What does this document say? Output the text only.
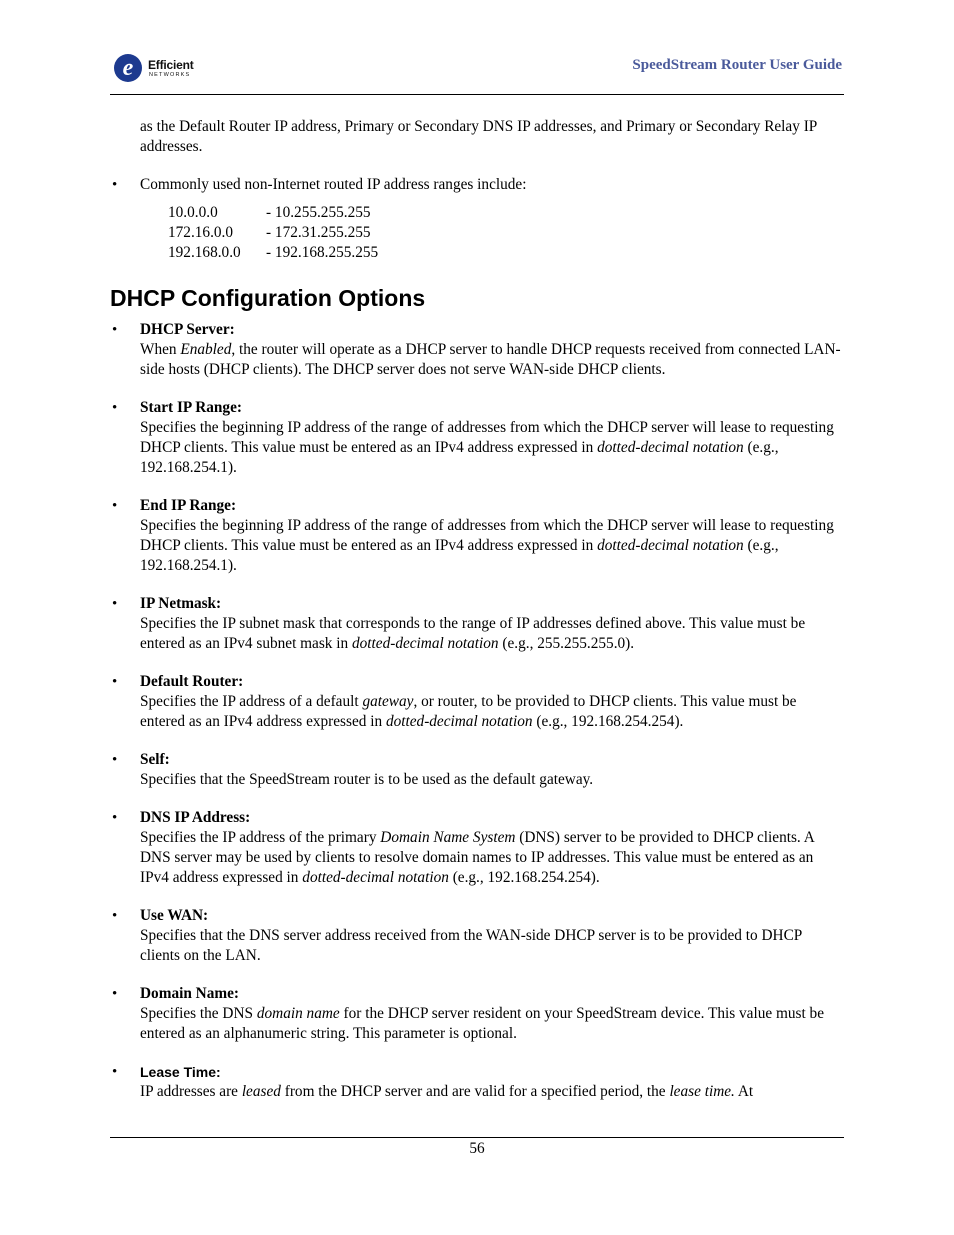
e	Efficient
NETWORKS
SpeedStream Router User Guide

as the Default Router IP address, Primary or Secondary DNS IP addresses, and Primary or Secondary Relay IP addresses.

• Commonly used non-Internet routed IP address ranges include:

10.0.0.0	- 10.255.255.255
172.16.0.0	- 172.31.255.255
192.168.0.0	- 192.168.255.255
DHCP Configuration Options
• DHCP Server:

When Enabled, the router will operate as a DHCP server to handle DHCP requests received from connected LAN-side hosts (DHCP clients). The DHCP server does not serve WAN-side DHCP clients.

• Start IP Range:

Specifies the beginning IP address of the range of addresses from which the DHCP server will lease to requesting DHCP clients. This value must be entered as an IPv4 address expressed in dotted-decimal notation (e.g., 192.168.254.1).

• End IP Range:

Specifies the beginning IP address of the range of addresses from which the DHCP server will lease to requesting DHCP clients. This value must be entered as an IPv4 address expressed in dotted-decimal notation (e.g., 192.168.254.1).

• IP Netmask:

Specifies the IP subnet mask that corresponds to the range of IP addresses defined above. This value must be entered as an IPv4 subnet mask in dotted-decimal notation (e.g., 255.255.255.0).

• Default Router:

Specifies the IP address of a default gateway, or router, to be provided to DHCP clients. This value must be entered as an IPv4 address expressed in dotted-decimal notation (e.g., 192.168.254.254).

• Self:

Specifies that the SpeedStream router is to be used as the default gateway.

• DNS IP Address:

Specifies the IP address of the primary Domain Name System (DNS) server to be provided to DHCP clients. A DNS server may be used by clients to resolve domain names to IP addresses. This value must be entered as an IPv4 address expressed in dotted-decimal notation (e.g., 192.168.254.254).

• Use WAN:

Specifies that the DNS server address received from the WAN-side DHCP server is to be provided to DHCP clients on the LAN.

• Domain Name:

Specifies the DNS domain name for the DHCP server resident on your SpeedStream device. This value must be entered as an alphanumeric string. This parameter is optional.

• Lease Time:

IP addresses are leased from the DHCP server and are valid for a specified period, the lease time. At

56
